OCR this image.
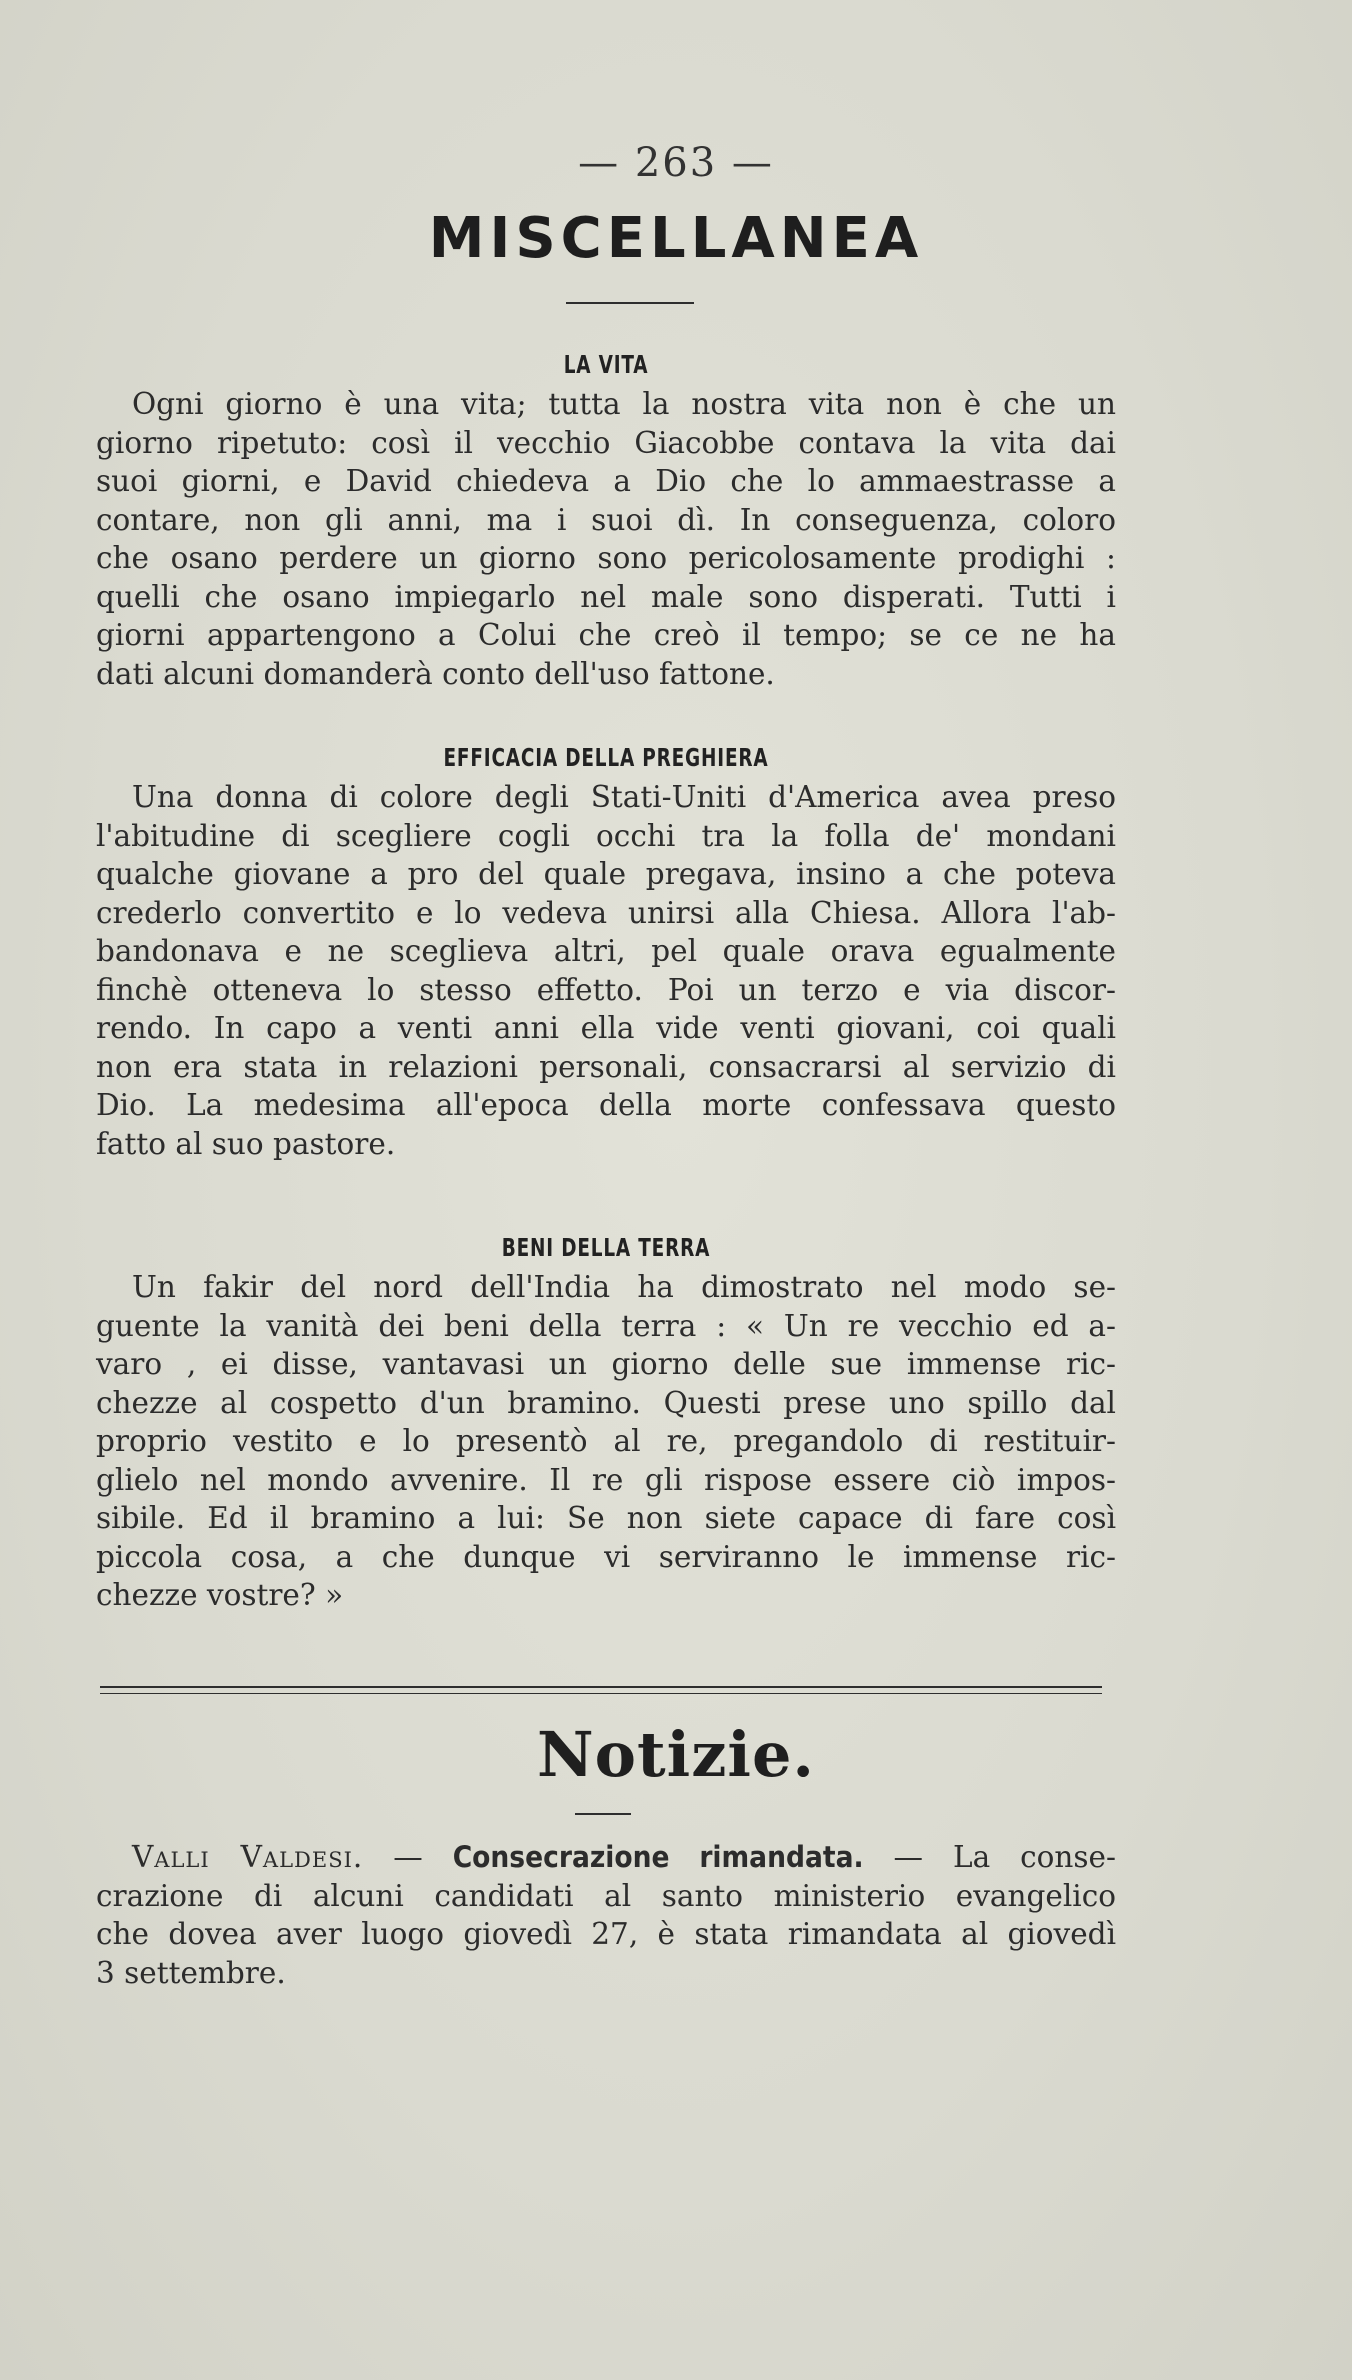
— 263 —
MISCELLANEA
LA VITA
Ogni giorno è una vita; tutta la nostra vita non è che un
giorno ripetuto: così il vecchio Giacobbe contava la vita dai
suoi giorni, e David chiedeva a Dio che lo ammaestrasse a
contare, non gli anni, ma i suoi dì. In conseguenza, coloro
che osano perdere un giorno sono pericolosamente prodighi :
quelli che osano impiegarlo nel male sono disperati. Tutti i
giorni appartengono a Colui che creò il tempo; se ce ne ha
dati alcuni domanderà conto dell'uso fattone.
EFFICACIA DELLA PREGHIERA
Una donna di colore degli Stati-Uniti d'America avea preso
l'abitudine di scegliere cogli occhi tra la folla de' mondani
qualche giovane a pro del quale pregava, insino a che poteva
crederlo convertito e lo vedeva unirsi alla Chiesa. Allora l'ab-
bandonava e ne sceglieva altri, pel quale orava egualmente
finchè otteneva lo stesso effetto. Poi un terzo e via discor-
rendo. In capo a venti anni ella vide venti giovani, coi quali
non era stata in relazioni personali, consacrarsi al servizio di
Dio. La medesima all'epoca della morte confessava questo
fatto al suo pastore.
BENI DELLA TERRA
Un fakir del nord dell'India ha dimostrato nel modo se-
guente la vanità dei beni della terra : « Un re vecchio ed a-
varo , ei disse, vantavasi un giorno delle sue immense ric-
chezze al cospetto d'un bramino. Questi prese uno spillo dal
proprio vestito e lo presentò al re, pregandolo di restituir-
glielo nel mondo avvenire. Il re gli rispose essere ciò impos-
sibile. Ed il bramino a lui: Se non siete capace di fare così
piccola cosa, a che dunque vi serviranno le immense ric-
chezze vostre? »
Notizie.
Valli Valdesi. — Consecrazione rimandata. — La conse-
crazione di alcuni candidati al santo ministerio evangelico
che dovea aver luogo giovedì 27, è stata rimandata al giovedì
3 settembre.
